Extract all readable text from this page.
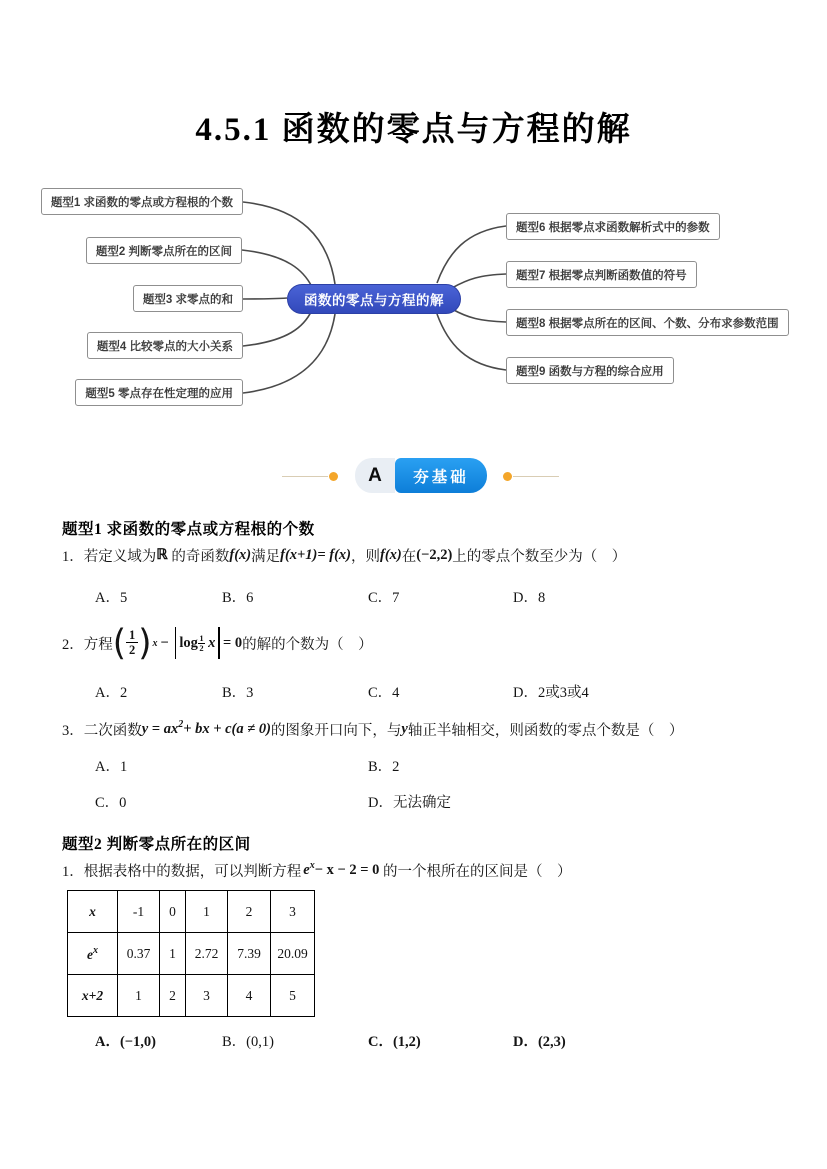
4.5.1 函数的零点与方程的解
题型1 求函数的零点或方程根的个数
题型2 判断零点所在的区间
题型3 求零点的和
题型4 比较零点的大小关系
题型5 零点存在性定理的应用
题型6 根据零点求函数解析式中的参数
题型7 根据零点判断函数值的符号
题型8 根据零点所在的区间、个数、分布求参数范围
题型9 函数与方程的综合应用
函数的零点与方程的解
A	夯基础
题型1 求函数的零点或方程根的个数
1．若定义域为ℝ 的奇函数f(x)满足f(x+1)= f(x)，则f(x)在(−2,2)上的零点个数至少为（　）
A．5	B．6	C．7	D．8
2． 方程 ( $\frac{1}{2}$ ) $x - \log \frac{1}{2}$ x = 0 的解的个数为（　）
A．2	B．3	C．4	D．2或3或4
3．二次函数$y = ax^2+$ bx + c(a ≠ 0)的图象开口向下，与y轴正半轴相交，则函数的零点个数是（　）
A．1	B．2
C．0	D．无法确定
题型2 判断零点所在的区间
1．根据表格中的数据，可以判断方程 $e^x- x - 2 = 0$ 的一个根所在的区间是（　）
x	-1	0	1	2	3
$e^x$	0.37	1	2.72	7.39	20.09
x+2	1	2	3	4	5
A．(−1,0)	B．(0,1)	C．(1,2)	D．(2,3)
